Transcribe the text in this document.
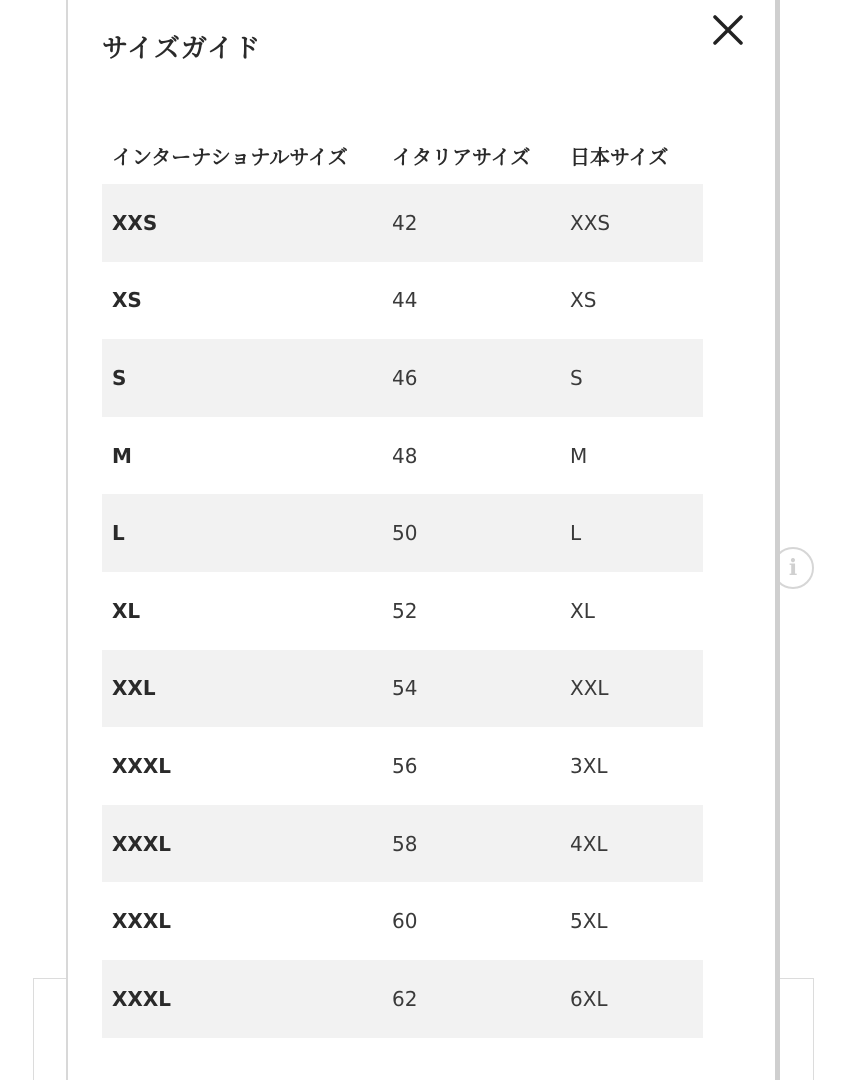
i
サイズガイド
インターナショナルサイズ	イタリアサイズ	日本サイズ
XXS	42	XXS
XS	44	XS
S	46	S
M	48	M
L	50	L
XL	52	XL
XXL	54	XXL
XXXL	56	3XL
XXXL	58	4XL
XXXL	60	5XL
XXXL	62	6XL
